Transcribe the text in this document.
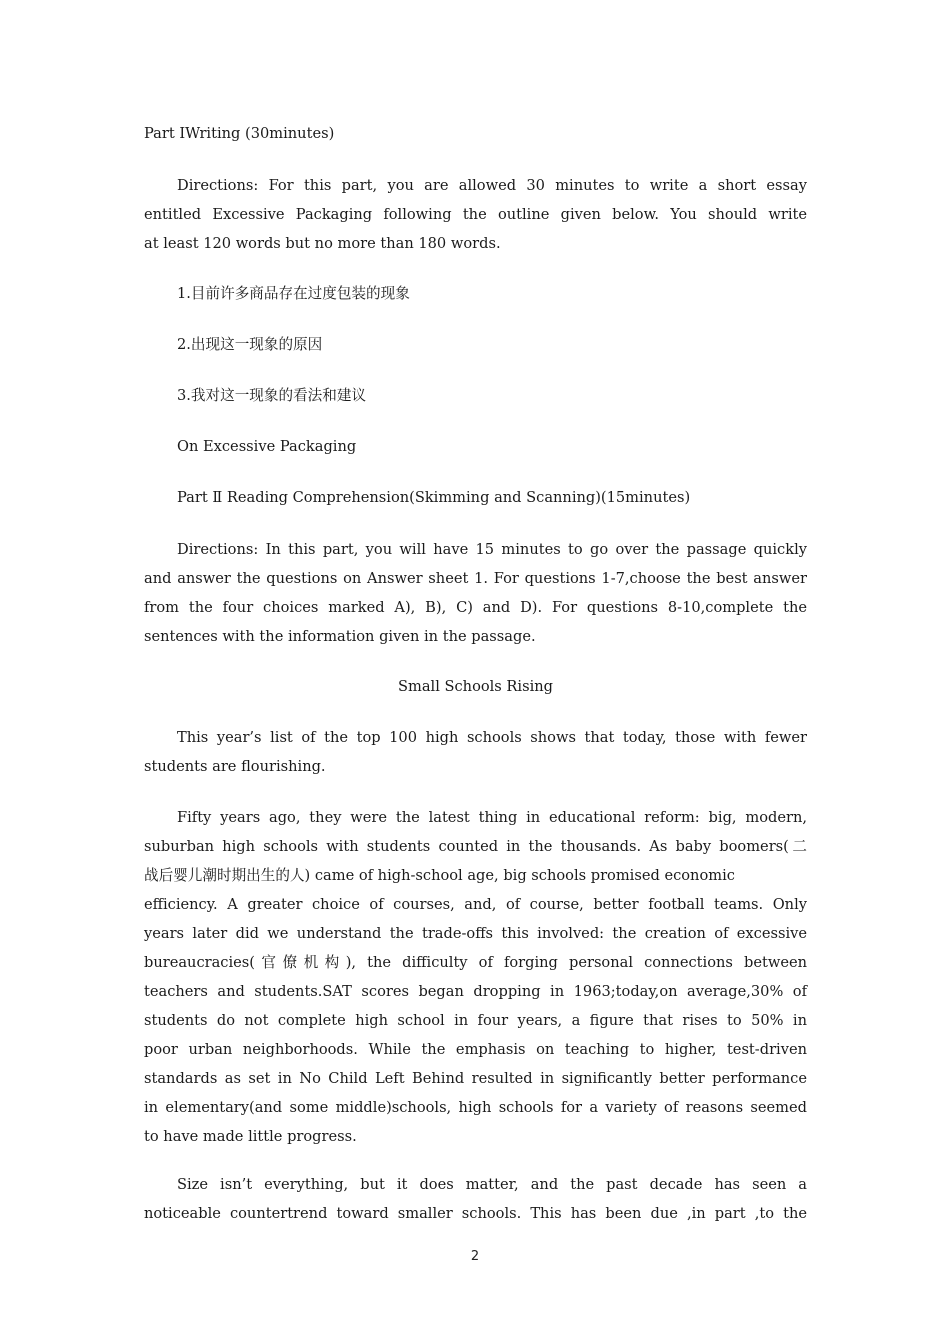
Part ⅠWriting (30minutes)

Directions: For this part, you are allowed 30 minutes to write a short essay
entitled Excessive Packaging following the outline given below. You should write
at least 120 words but no more than 180 words.

1.目前许多商品存在过度包装的现象

2.出现这一现象的原因

3.我对这一现象的看法和建议

On Excessive Packaging

Part Ⅱ Reading Comprehension(Skimming and Scanning)(15minutes)

Directions: In this part, you will have 15 minutes to go over the passage quickly
and answer the questions on Answer sheet 1. For questions 1-7,choose the best answer
from the four choices marked A), B), C) and D). For questions 8-10,complete the
sentences with the information given in the passage.

Small Schools Rising

This year’s list of the top 100 high schools shows that today, those with fewer
students are flourishing.

Fifty years ago, they were the latest thing in educational reform: big, modern,
suburban high schools with students counted in the thousands. As baby boomers(二
战后婴儿潮时期出生的人) came of high-school age, big schools promised economic
efficiency. A greater choice of courses, and, of course, better football teams. Only
years later did we understand the trade-offs this involved: the creation of excessive
bureaucracies(官僚机构), the difficulty of forging personal connections between
teachers and students.SAT scores began dropping in 1963;today,on average,30% of
students do not complete high school in four years, a figure that rises to 50% in
poor urban neighborhoods. While the emphasis on teaching to higher, test-driven
standards as set in No Child Left Behind resulted in significantly better performance
in elementary(and some middle)schools, high schools for a variety of reasons seemed
to have made little progress.

Size isn’t everything, but it does matter, and the past decade has seen a
noticeable countertrend toward smaller schools. This has been due ,in part ,to the

2
